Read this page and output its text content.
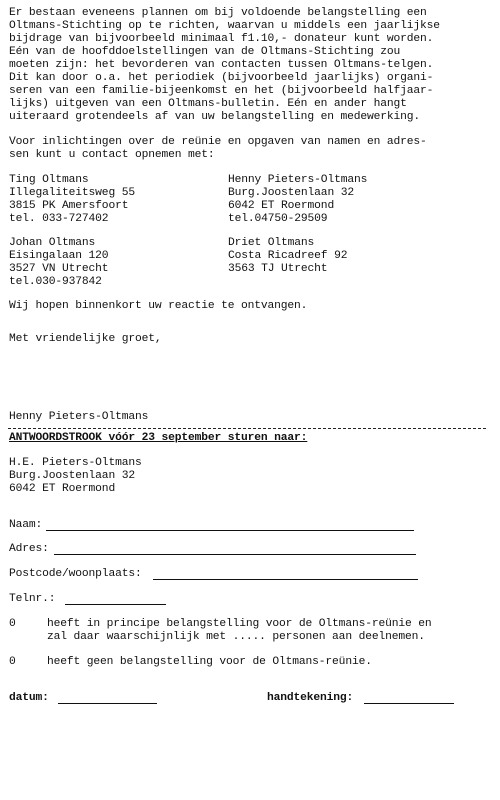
Er bestaan eveneens plannen om bij voldoende belangstelling een
Oltmans-Stichting op te richten, waarvan u middels een jaarlijkse
bijdrage van bijvoorbeeld minimaal f1.10,- donateur kunt worden.
Eén van de hoofddoelstellingen van de Oltmans-Stichting zou
moeten zijn: het bevorderen van contacten tussen Oltmans-telgen.
Dit kan door o.a. het periodiek (bijvoorbeeld jaarlijks) organi-
seren van een familie-bijeenkomst en het (bijvoorbeeld halfjaar-
lijks) uitgeven van een Oltmans-bulletin. Eén en ander hangt
uiteraard grotendeels af van uw belangstelling en medewerking.
Voor inlichtingen over de reünie en opgaven van namen en adres-
sen kunt u contact opnemen met:
Ting Oltmans
Illegaliteitsweg 55
3815 PK Amersfoort
tel. 033-727402
Henny Pieters-Oltmans
Burg.Joostenlaan 32
6042 ET Roermond
tel.04750-29509
Johan Oltmans
Eisingalaan 120
3527 VN Utrecht
tel.030-937842
Driet Oltmans
Costa Ricadreef 92
3563 TJ Utrecht
Wij hopen binnenkort uw reactie te ontvangen.
Met vriendelijke groet,
Henny Pieters-Oltmans
ANTWOORDSTROOK vóór 23 september sturen naar:
H.E. Pieters-Oltmans
Burg.Joostenlaan 32
6042 ET Roermond
Naam:
Adres:
Postcode/woonplaats:
Telnr.:
0	heeft in principe belangstelling voor de Oltmans-reünie en
zal daar waarschijnlijk met ..... personen aan deelnemen.
0	heeft geen belangstelling voor de Oltmans-reünie.
datum:	handtekening:
